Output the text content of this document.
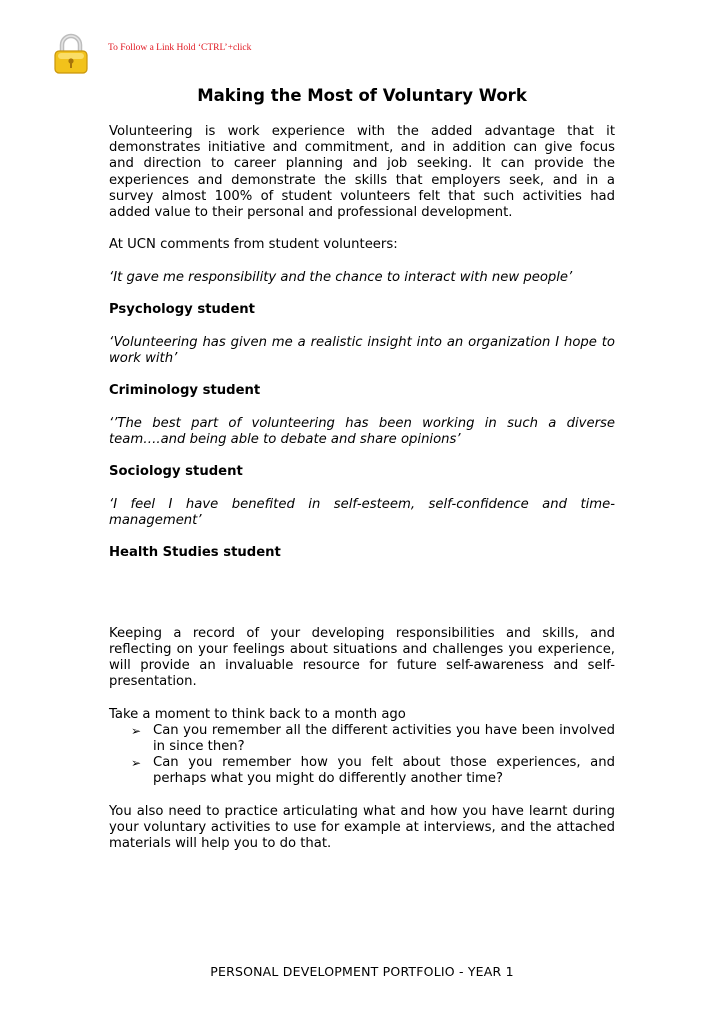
To Follow a Link Hold ‘CTRL’+click
Making the Most of Voluntary Work

Volunteering is work experience with the added advantage that it demonstrates initiative and commitment, and in addition can give focus and direction to career planning and job seeking. It can provide the experiences and demonstrate the skills that employers seek, and in a survey almost 100% of student volunteers felt that such activities had added value to their personal and professional development.

At UCN comments from student volunteers:

‘It gave me responsibility and the chance to interact with new people’

Psychology student

‘Volunteering has given me a realistic insight into an organization I hope to work with’

Criminology student

‘’The best part of volunteering has been working in such a diverse team….and being able to debate and share opinions’

Sociology student

‘I feel I have benefited in self-esteem, self-confidence and time-management’

Health Studies student

Keeping a record of your developing responsibilities and skills, and reflecting on your feelings about situations and challenges you experience, will provide an invaluable resource for future self-awareness and self-presentation.

Take a moment to think back to a month ago

➢ Can you remember all the different activities you have been involved in since then?
➢ Can you remember how you felt about those experiences, and perhaps what you might do differently another time?

You also need to practice articulating what and how you have learnt during your voluntary activities to use for example at interviews, and the attached materials will help you to do that.

PERSONAL DEVELOPMENT PORTFOLIO - YEAR 1
